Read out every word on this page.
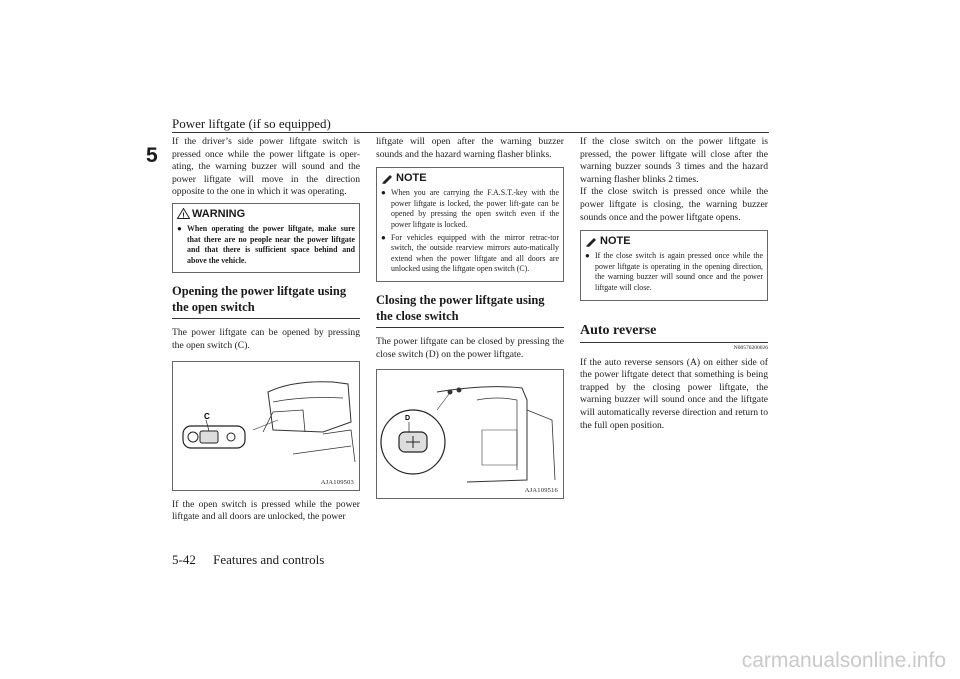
Power liftgate (if so equipped)
5

If the driver’s side power liftgate switch is pressed once while the power liftgate is oper-ating, the warning buzzer will sound and the power liftgate will move in the direction opposite to the one in which it was operating.

! WARNING
● When operating the power liftgate, make sure that there are no people near the power liftgate and that there is sufficient space behind and above the vehicle.
Opening the power liftgate using the open switch

The power liftgate can be opened by pressing the open switch (C).

C
AJA109503

If the open switch is pressed while the power liftgate and all doors are unlocked, the power

liftgate will open after the warning buzzer sounds and the hazard warning flasher blinks.

NOTE
● When you are carrying the F.A.S.T.-key with the power liftgate is locked, the power lift-gate can be opened by pressing the open switch even if the power liftgate is locked.
● For vehicles equipped with the mirror retrac-tor switch, the outside rearview mirrors auto-matically extend when the power liftgate and all doors are unlocked using the liftgate open switch (C).
Closing the power liftgate using the close switch

The power liftgate can be closed by pressing the close switch (D) on the power liftgate.

D
AJA109516

If the close switch on the power liftgate is pressed, the power liftgate will close after the warning buzzer sounds 3 times and the hazard warning flasher blinks 2 times.

If the close switch is pressed once while the power liftgate is closing, the warning buzzer sounds once and the power liftgate opens.

NOTE
● If the close switch is again pressed once while the power liftgate is operating in the opening direction, the warning buzzer will sound once and the power liftgate will close.
Auto reverse
N00576200026

If the auto reverse sensors (A) on either side of the power liftgate detect that something is being trapped by the closing power liftgate, the warning buzzer will sound once and the liftgate will automatically reverse direction and return to the full open position.

5-42 Features and controls
carmanualsonline.info
